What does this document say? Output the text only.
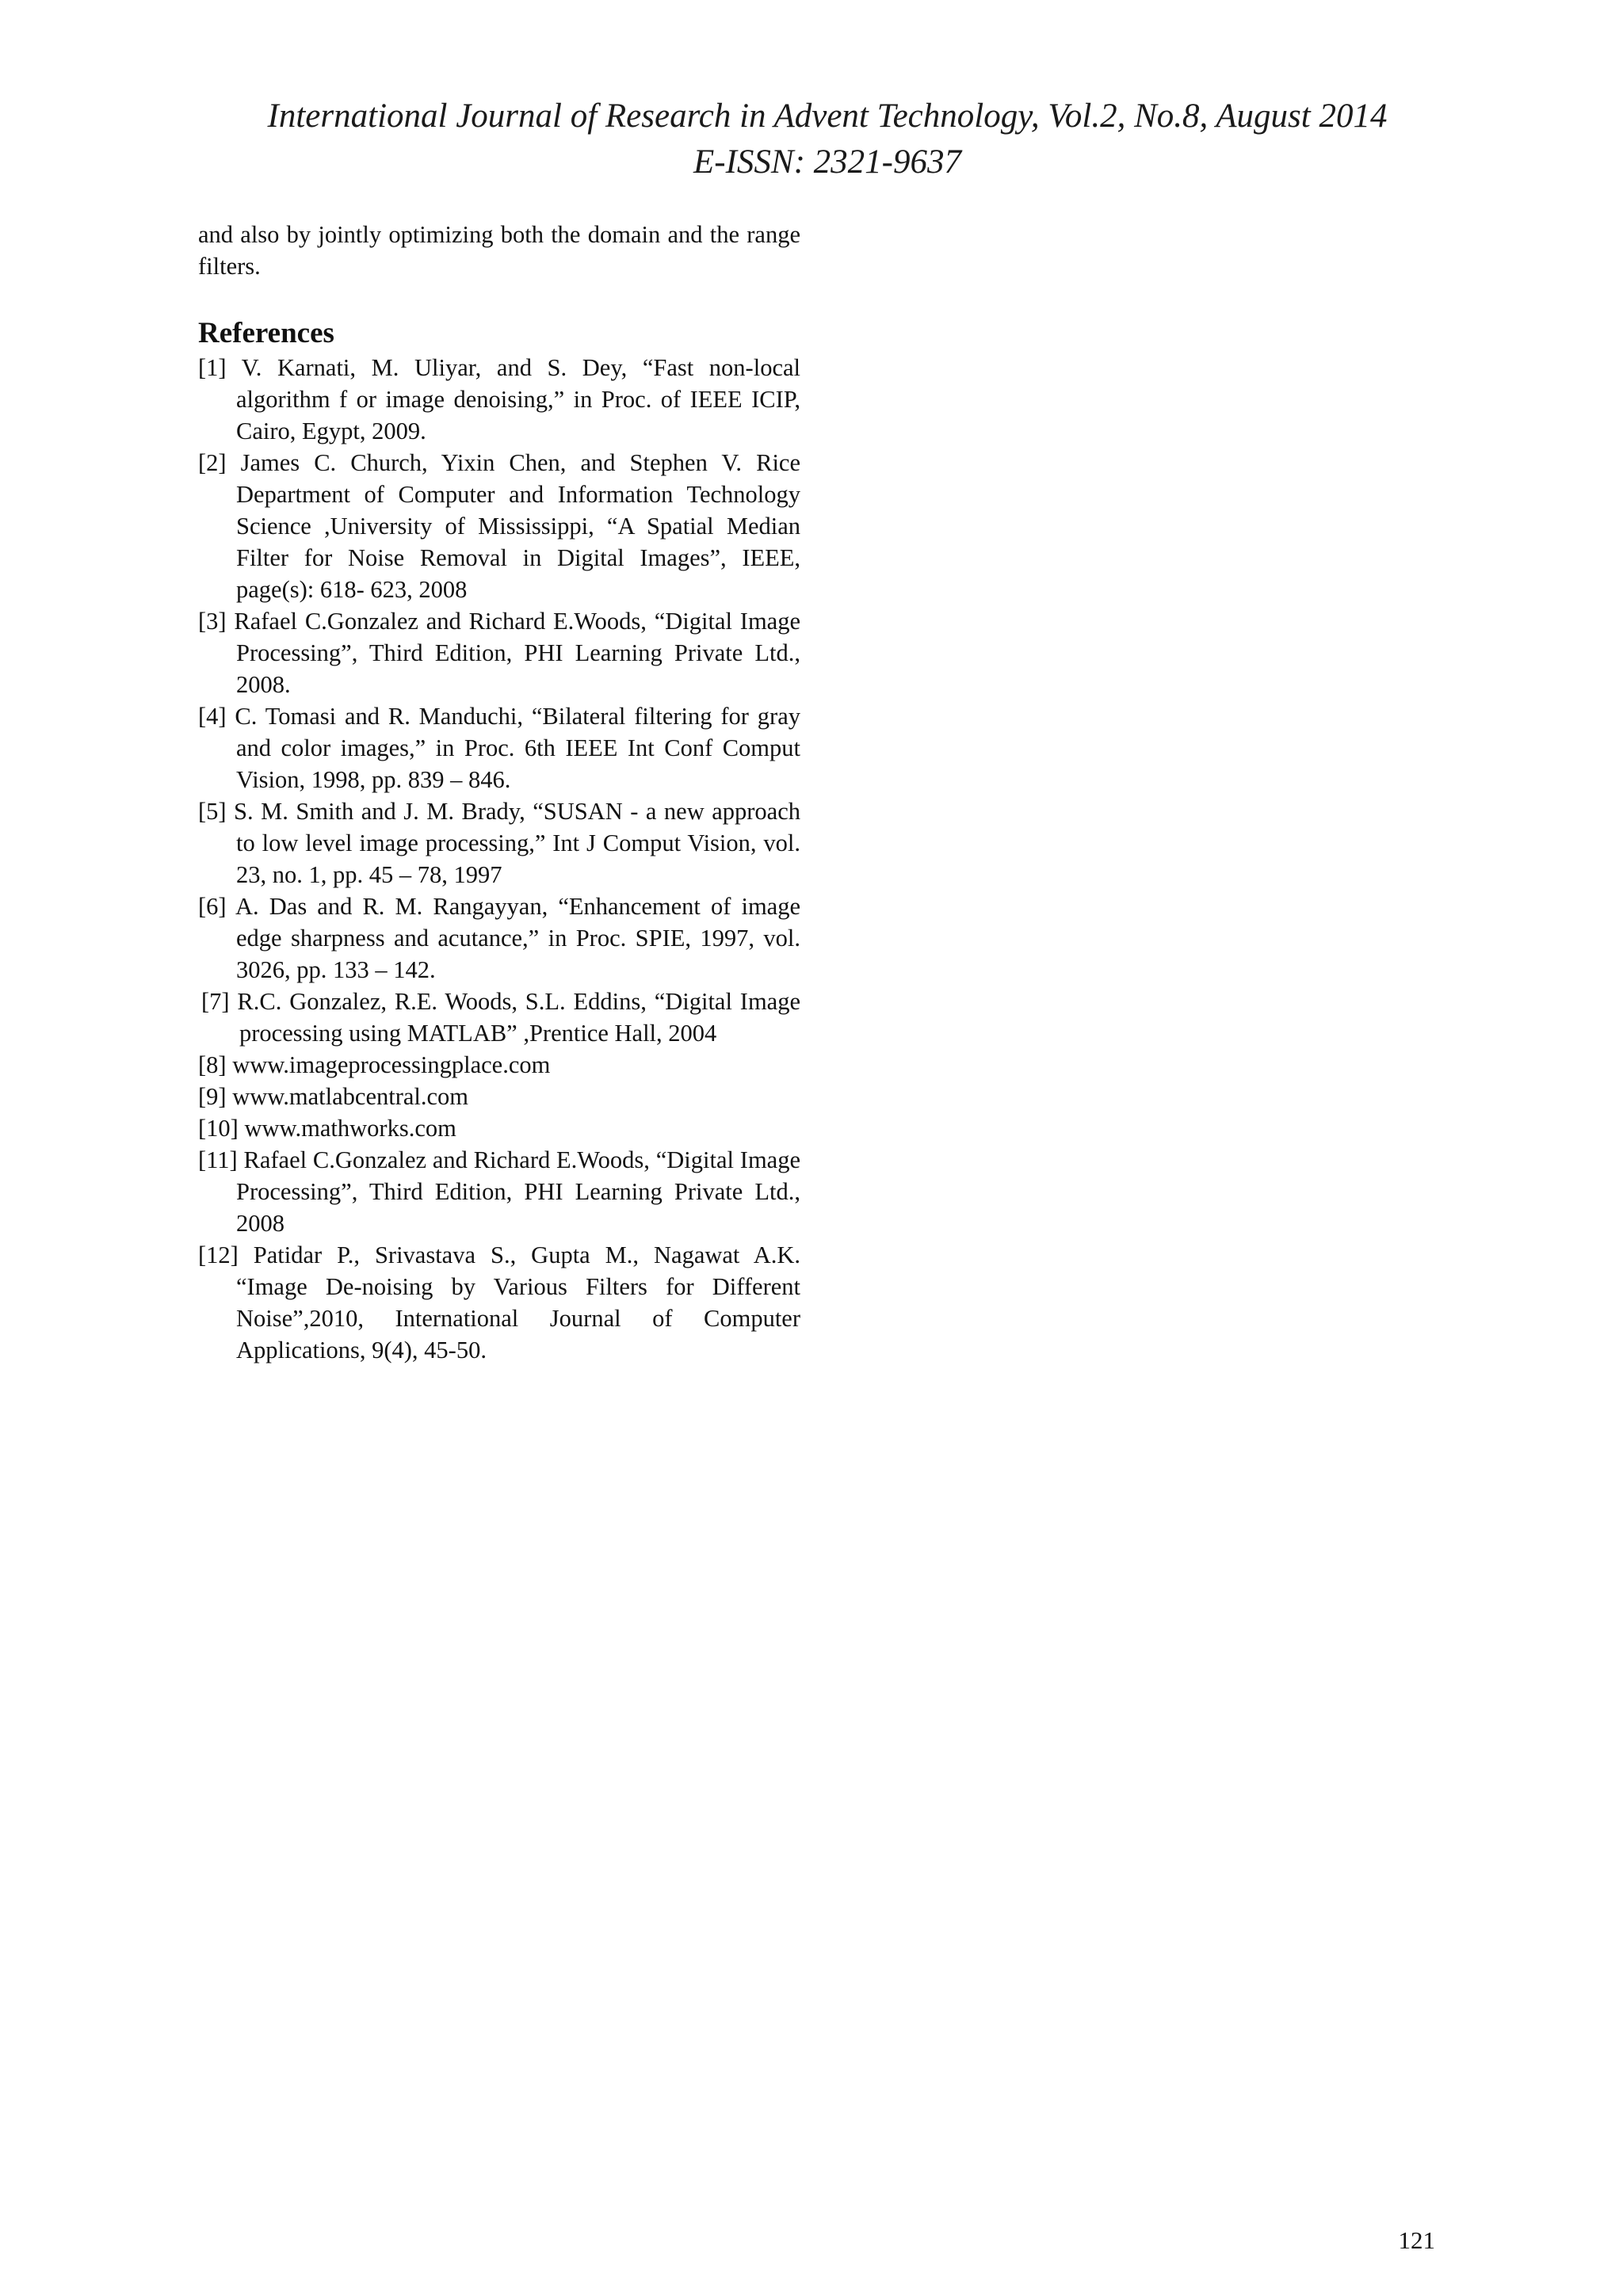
International Journal of Research in Advent Technology, Vol.2, No.8, August 2014
E-ISSN: 2321-9637

and also by jointly optimizing both the domain and the range filters.

References
[1] V. Karnati, M. Uliyar, and S. Dey, “Fast non-local algorithm f or image denoising,” in Proc. of IEEE ICIP, Cairo, Egypt, 2009.
[2] James C. Church, Yixin Chen, and Stephen V. Rice Department of Computer and Information Technology Science ,University of Mississippi, “A Spatial Median Filter for Noise Removal in Digital Images”, IEEE, page(s): 618- 623, 2008
[3] Rafael C.Gonzalez and Richard E.Woods, “Digital Image Processing”, Third Edition, PHI Learning Private Ltd., 2008.
[4] C. Tomasi and R. Manduchi, “Bilateral filtering for gray and color images,” in Proc. 6th IEEE Int Conf Comput Vision, 1998, pp. 839 – 846.
[5] S. M. Smith and J. M. Brady, “SUSAN - a new approach to low level image processing,” Int J Comput Vision, vol. 23, no. 1, pp. 45 – 78, 1997
[6] A. Das and R. M. Rangayyan, “Enhancement of image edge sharpness and acutance,” in Proc. SPIE, 1997, vol. 3026, pp. 133 – 142.
[7] R.C. Gonzalez, R.E. Woods, S.L. Eddins, “Digital Image processing using MATLAB” ,Prentice Hall, 2004
[8] www.imageprocessingplace.com
[9] www.matlabcentral.com
[10] www.mathworks.com
[11] Rafael C.Gonzalez and Richard E.Woods, “Digital Image Processing”, Third Edition, PHI Learning Private Ltd., 2008
[12] Patidar P., Srivastava S., Gupta M., Nagawat A.K. “Image De-noising by Various Filters for Different Noise”,2010, International Journal of Computer Applications, 9(4), 45-50.
121
